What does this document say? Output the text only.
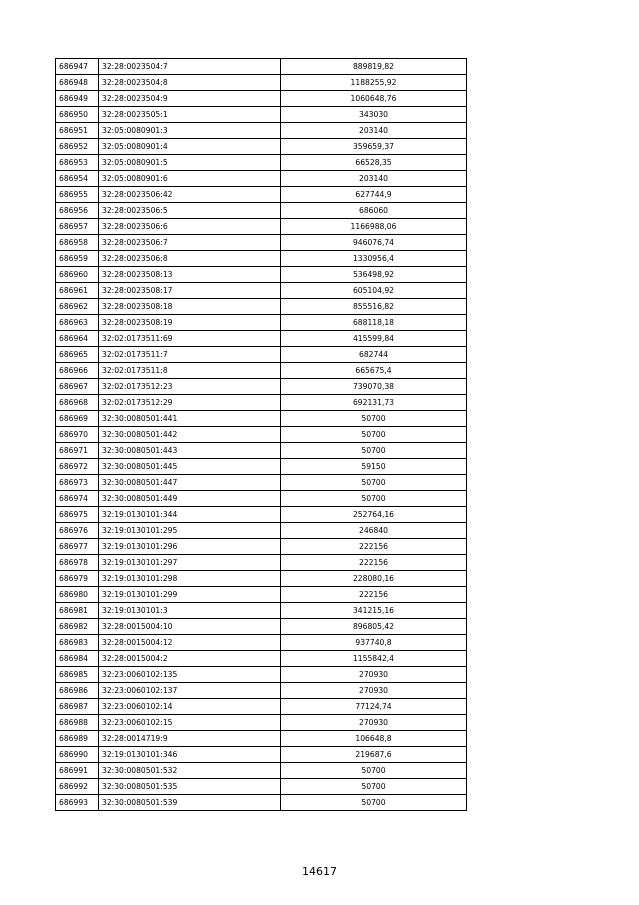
686947	32:28:0023504:7	889819,82
686948	32:28:0023504:8	1188255,92
686949	32:28:0023504:9	1060648,76
686950	32:28:0023505:1	343030
686951	32:05:0080901:3	203140
686952	32:05:0080901:4	359659,37
686953	32:05:0080901:5	66528,35
686954	32:05:0080901:6	203140
686955	32:28:0023506:42	627744,9
686956	32:28:0023506:5	686060
686957	32:28:0023506:6	1166988,06
686958	32:28:0023506:7	946076,74
686959	32:28:0023506:8	1330956,4
686960	32:28:0023508:13	536498,92
686961	32:28:0023508:17	605104,92
686962	32:28:0023508:18	855516,82
686963	32:28:0023508:19	688118,18
686964	32:02:0173511:69	415599,84
686965	32:02:0173511:7	682744
686966	32:02:0173511:8	665675,4
686967	32:02:0173512:23	739070,38
686968	32:02:0173512:29	692131,73
686969	32:30:0080501:441	50700
686970	32:30:0080501:442	50700
686971	32:30:0080501:443	50700
686972	32:30:0080501:445	59150
686973	32:30:0080501:447	50700
686974	32:30:0080501:449	50700
686975	32:19:0130101:344	252764,16
686976	32:19:0130101:295	246840
686977	32:19:0130101:296	222156
686978	32:19:0130101:297	222156
686979	32:19:0130101:298	228080,16
686980	32:19:0130101:299	222156
686981	32:19:0130101:3	341215,16
686982	32:28:0015004:10	896805,42
686983	32:28:0015004:12	937740,8
686984	32:28:0015004:2	1155842,4
686985	32:23:0060102:135	270930
686986	32:23:0060102:137	270930
686987	32:23:0060102:14	77124,74
686988	32:23:0060102:15	270930
686989	32:28:0014719:9	106648,8
686990	32:19:0130101:346	219687,6
686991	32:30:0080501:532	50700
686992	32:30:0080501:535	50700
686993	32:30:0080501:539	50700
14617
